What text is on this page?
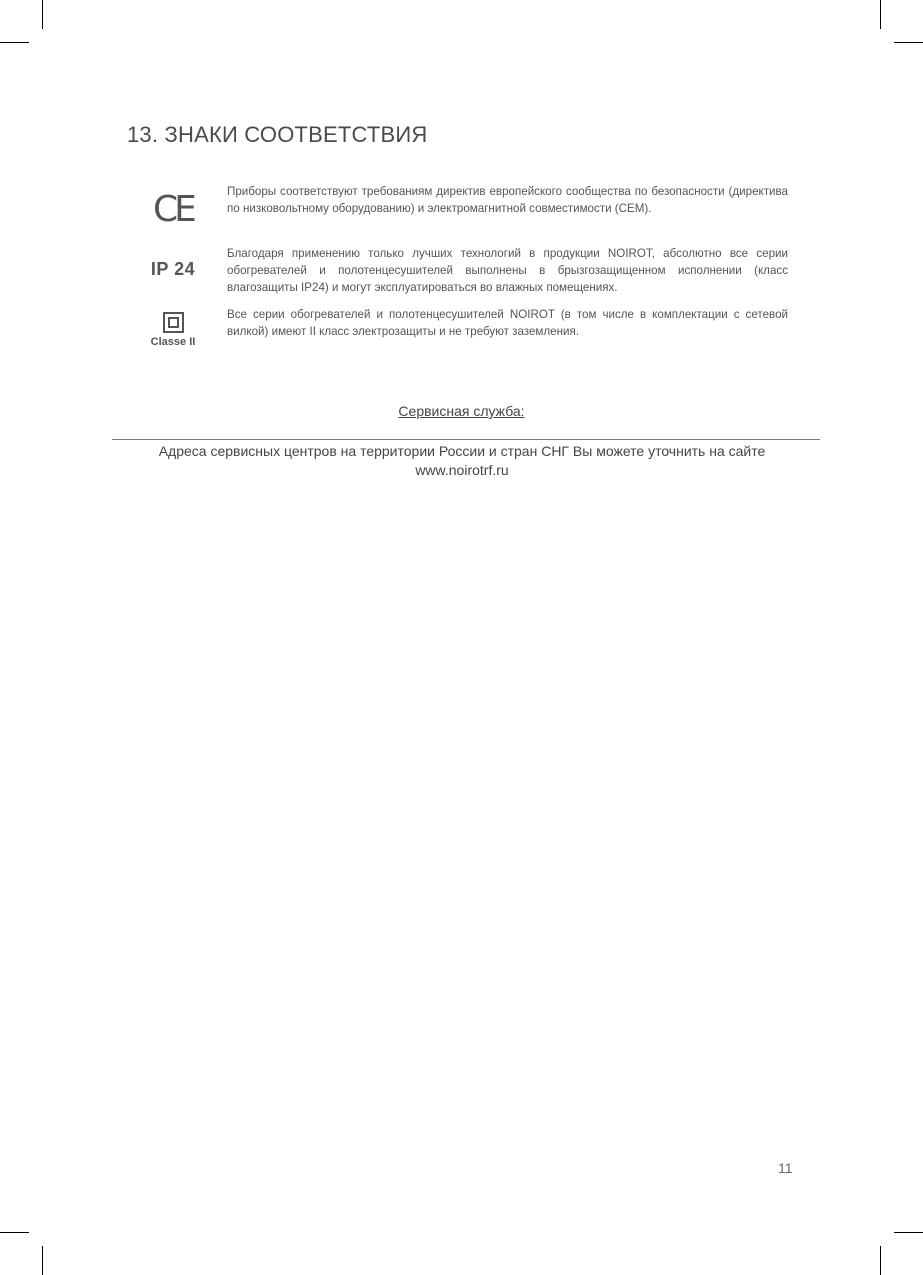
13. ЗНАКИ СООТВЕТСТВИЯ
CE	Приборы соответствуют требованиям директив европейского сообщества по безопасности (директива по низковольтному оборудованию) и электромагнитной совместимости (CEM).

IP 24

Благодаря применению только лучших технологий в продукции NOIROT, абсолютно все серии обогревателей и полотенцесушителей выполнены в брызгозащищенном исполнении (класс влагозащиты IP24) и могут эксплуатироваться во влажных помещениях.

Classe II

Все серии обогревателей и полотенцесушителей NOIROT (в том числе в комплектации с сетевой вилкой) имеют II класс электрозащиты и не требуют заземления.

Сервисная служба:

Адреса сервисных центров на территории России и стран СНГ Вы можете уточнить на сайте www.noirotrf.ru

11
